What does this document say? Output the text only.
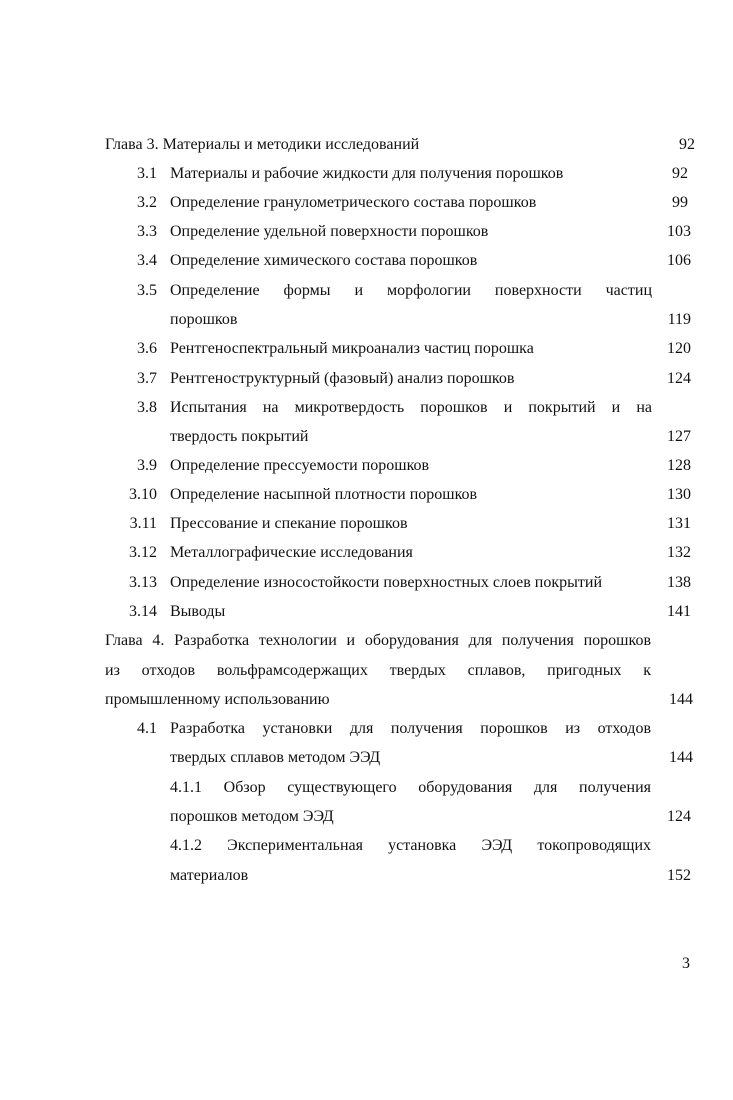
Глава 3. Материалы и методики исследований	92
3.1 Материалы и рабочие жидкости для получения порошков	92
3.2 Определение гранулометрического состава порошков	99
3.3 Определение удельной поверхности порошков	103
3.4 Определение химического состава порошков	106
3.5 Определение формы и морфологии поверхности частиц
порошков	119
3.6 Рентгеноспектральный микроанализ частиц порошка	120
3.7 Рентгеноструктурный (фазовый) анализ порошков	124
3.8 Испытания на микротвердость порошков и покрытий и на
твердость покрытий	127
3.9 Определение прессуемости порошков	128
3.10 Определение насыпной плотности порошков	130
3.11 Прессование и спекание порошков	131
3.12 Металлографические исследования	132
3.13 Определение износостойкости поверхностных слоев покрытий	138
3.14 Выводы	141
Глава 4. Разработка технологии и оборудования для получения порошков
из отходов вольфрамсодержащих твердых сплавов, пригодных к
промышленному использованию	144
4.1 Разработка установки для получения порошков из отходов
твердых сплавов методом ЭЭД	144
4.1.1 Обзор существующего оборудования для получения
порошков методом ЭЭД	124
4.1.2 Экспериментальная установка ЭЭД токопроводящих
материалов	152
3
